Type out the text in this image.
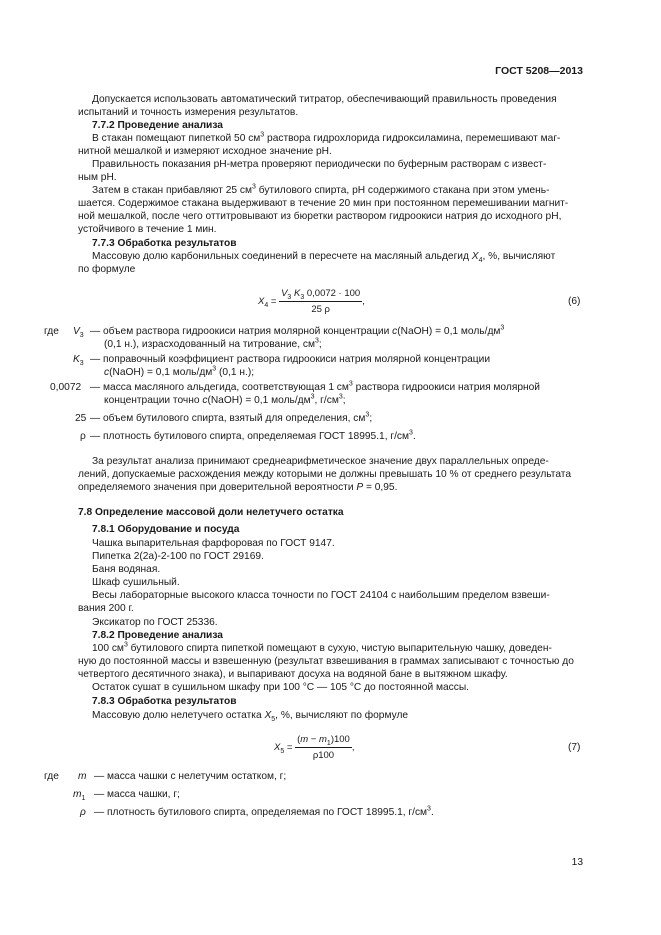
ГОСТ 5208—2013
Допускается использовать автоматический титратор, обеспечивающий правильность проведения
испытаний и точность измерения результатов.
7.7.2 Проведение анализа
В стакан помещают пипеткой 50 $см^3$ раствора гидрохлорида гидроксиламина, перемешивают маг-
нитной мешалкой и измеряют исходное значение pH.
Правильность показания pH-метра проверяют периодически по буферным растворам с извест-
ным pH.
Затем в стакан прибавляют 25 $см^3$ бутилового спирта, pH содержимого стакана при этом умень-
шается. Содержимое стакана выдерживают в течение 20 мин при постоянном перемешивании магнит-
ной мешалкой, после чего оттитровывают из бюретки раствором гидроокиси натрия до исходного pH,
устойчивого в течение 1 мин.
7.7.3 Обработка результатов
Массовую долю карбонильных соединений в пересчете на масляный альдегид $X_4$, %, вычисляют
по формуле
$X_4 = \frac{V_3 K_3 0,0072 \cdot 100}{25 \rho}$ ,	(6)
где $V_3$ — объем раствора гидроокиси натрия молярной концентрации c(NaOH) = 0,1 моль/$дм^3$
(0,1 н.), израсходованный на титрование, $см^3$;
$K_3$ — поправочный коэффициент раствора гидроокиси натрия молярной концентрации
c(NaOH) = 0,1 моль/$дм^3$ (0,1 н.);
0,0072 — масса масляного альдегида, соответствующая 1 $см^3$ раствора гидроокиси натрия молярной
концентрации точно c(NaOH) = 0,1 моль/$дм^3$, $г/см^3$;
25 — объем бутилового спирта, взятый для определения, $см^3$;
ρ — плотность бутилового спирта, определяемая ГОСТ 18995.1, $г/см^3$.
За результат анализа принимают среднеарифметическое значение двух параллельных опреде-
лений, допускаемые расхождения между которыми не должны превышать 10 % от среднего результата
определяемого значения при доверительной вероятности P = 0,95.
7.8 Определение массовой доли нелетучего остатка
7.8.1 Оборудование и посуда
Чашка выпарительная фарфоровая по ГОСТ 9147.
Пипетка 2(2а)-2-100 по ГОСТ 29169.
Баня водяная.
Шкаф сушильный.
Весы лабораторные высокого класса точности по ГОСТ 24104 с наибольшим пределом взвеши-
вания 200 г.
Эксикатор по ГОСТ 25336.
7.8.2 Проведение анализа
100 $см^3$ бутилового спирта пипеткой помещают в сухую, чистую выпарительную чашку, доведен-
ную до постоянной массы и взвешенную (результат взвешивания в граммах записывают с точностью до
четвертого десятичного знака), и выпаривают досуха на водяной бане в вытяжном шкафу.
Остаток сушат в сушильном шкафу при 100 °С — 105 °С до постоянной массы.
7.8.3 Обработка результатов
Массовую долю нелетучего остатка $X_5$, %, вычисляют по формуле
$X_5 = \frac{(m - m_1)100}{\rho 100}$ ,	(7)
где m — масса чашки с нелетучим остатком, г;
$m_1$ — масса чашки, г;
ρ — плотность бутилового спирта, определяемая по ГОСТ 18995.1, $г/см^3$.
13
